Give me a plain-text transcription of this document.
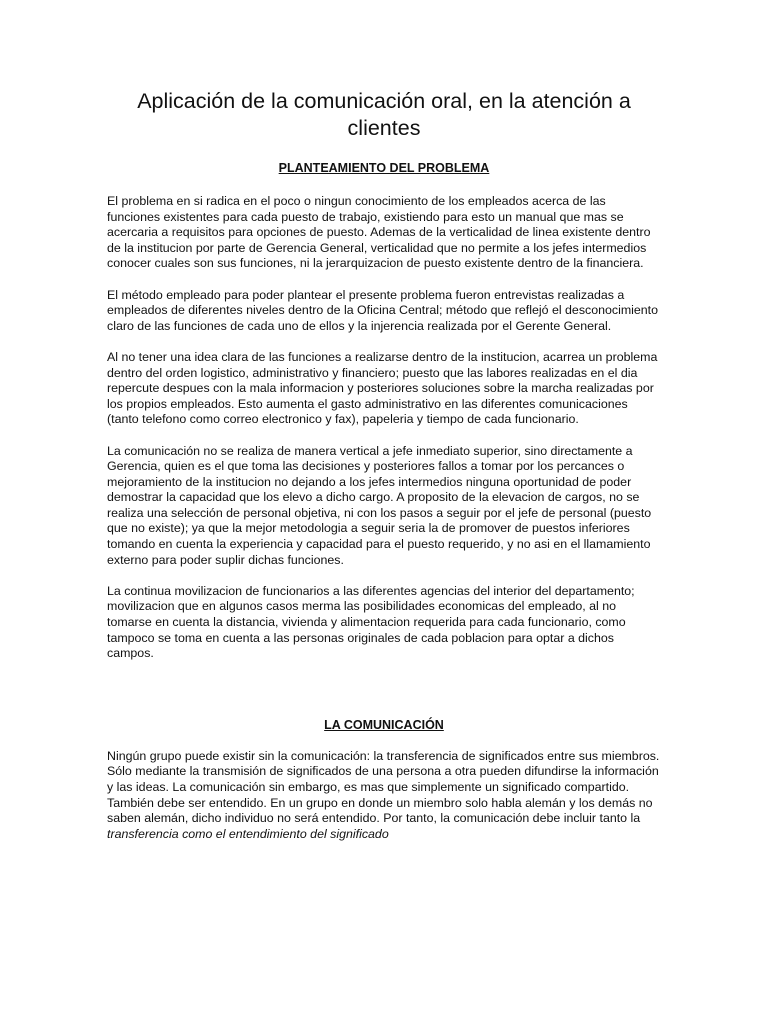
Aplicación de la comunicación oral, en la atención a clientes
PLANTEAMIENTO DEL PROBLEMA

El problema en si radica en el poco o ningun conocimiento de los empleados acerca de las funciones existentes para cada puesto de trabajo, existiendo para esto un manual que mas se acercaria a requisitos para opciones de puesto. Ademas de la verticalidad de linea existente dentro de la institucion por parte de Gerencia General, verticalidad que no permite a los jefes intermedios conocer cuales son sus funciones, ni la jerarquizacion de puesto existente dentro de la financiera.

El método empleado para poder plantear el presente problema fueron entrevistas realizadas a empleados de diferentes niveles dentro de la Oficina Central; método que reflejó el desconocimiento claro de las funciones de cada uno de ellos y la injerencia realizada por el Gerente General.

Al no tener una idea clara de las funciones a realizarse dentro de la institucion, acarrea un problema dentro del orden logistico, administrativo y financiero; puesto que las labores realizadas en el dia repercute despues con la mala informacion y posteriores soluciones sobre la marcha realizadas por los propios empleados. Esto aumenta el gasto administrativo en las diferentes comunicaciones (tanto telefono como correo electronico y fax), papeleria y tiempo de cada funcionario.

La comunicación no se realiza de manera vertical a jefe inmediato superior, sino directamente a Gerencia, quien es el que toma las decisiones y posteriores fallos a tomar por los percances o mejoramiento de la institucion no dejando a los jefes intermedios ninguna oportunidad de poder demostrar la capacidad que los elevo a dicho cargo. A proposito de la elevacion de cargos, no se realiza una selección de personal objetiva, ni con los pasos a seguir por el jefe de personal (puesto que no existe); ya que la mejor metodologia a seguir seria la de promover de puestos inferiores tomando en cuenta la experiencia y capacidad para el puesto requerido, y no asi en el llamamiento externo para poder suplir dichas funciones.

La continua movilizacion de funcionarios a las diferentes agencias del interior del departamento; movilizacion que en algunos casos merma las posibilidades economicas del empleado, al no tomarse en cuenta la distancia, vivienda y alimentacion requerida para cada funcionario, como tampoco se toma en cuenta a las personas originales de cada poblacion para optar a dichos campos.

LA COMUNICACIÓN

Ningún grupo puede existir sin la comunicación: la transferencia de significados entre sus miembros. Sólo mediante la transmisión de significados de una persona a otra pueden difundirse la información y las ideas. La comunicación sin embargo, es mas que simplemente un significado compartido. También debe ser entendido. En un grupo en donde un miembro solo habla alemán y los demás no saben alemán, dicho individuo no será entendido. Por tanto, la comunicación debe incluir tanto la transferencia como el entendimiento del significado
